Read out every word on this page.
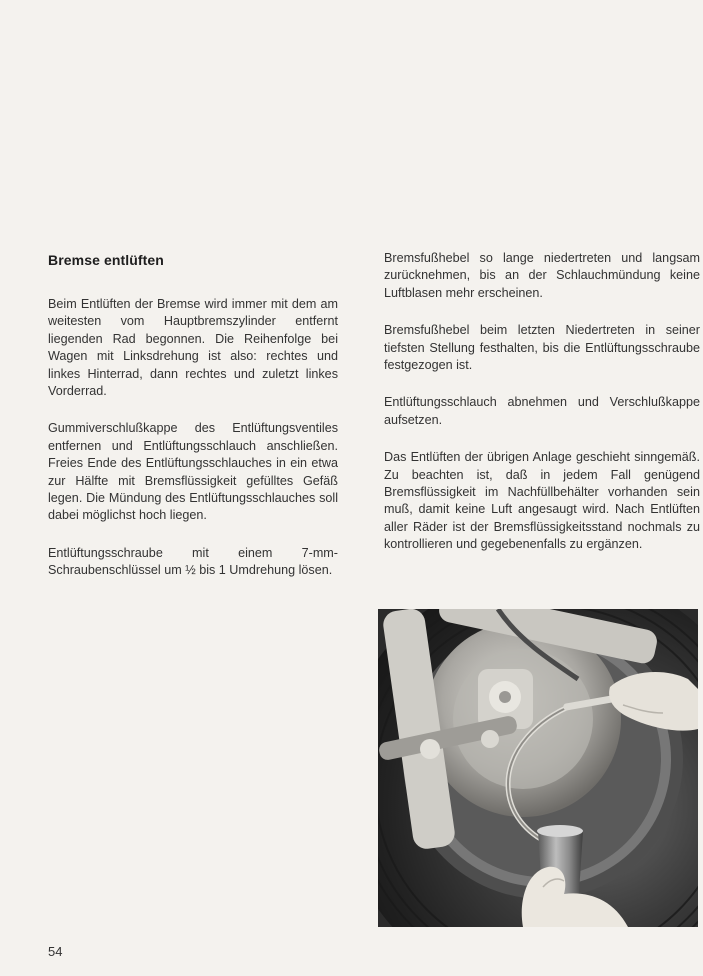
Bremse entlüften

Beim Entlüften der Bremse wird immer mit dem am weitesten vom Hauptbremszylinder entfernt liegenden Rad begonnen. Die Reihenfolge bei Wagen mit Linksdrehung ist also: rechtes und linkes Hinterrad, dann rechtes und zuletzt linkes Vorderrad.

Gummiverschlußkappe des Entlüftungsventiles entfernen und Entlüftungsschlauch anschließen. Freies Ende des Entlüftungsschlauches in ein etwa zur Hälfte mit Bremsflüssigkeit gefülltes Gefäß legen. Die Mündung des Entlüftungsschlauches soll dabei möglichst hoch liegen.

Entlüftungsschraube mit einem 7-mm-Schraubenschlüssel um ½ bis 1 Umdrehung lösen.

Bremsfußhebel so lange niedertreten und langsam zurücknehmen, bis an der Schlauchmündung keine Luftblasen mehr erscheinen.

Bremsfußhebel beim letzten Niedertreten in seiner tiefsten Stellung festhalten, bis die Entlüftungsschraube festgezogen ist.

Entlüftungsschlauch abnehmen und Verschlußkappe aufsetzen.

Das Entlüften der übrigen Anlage geschieht sinngemäß. Zu beachten ist, daß in jedem Fall genügend Bremsflüssigkeit im Nachfüllbehälter vorhanden sein muß, damit keine Luft angesaugt wird. Nach Entlüften aller Räder ist der Bremsflüssigkeitsstand nochmals zu kontrollieren und gegebenenfalls zu ergänzen.

54
